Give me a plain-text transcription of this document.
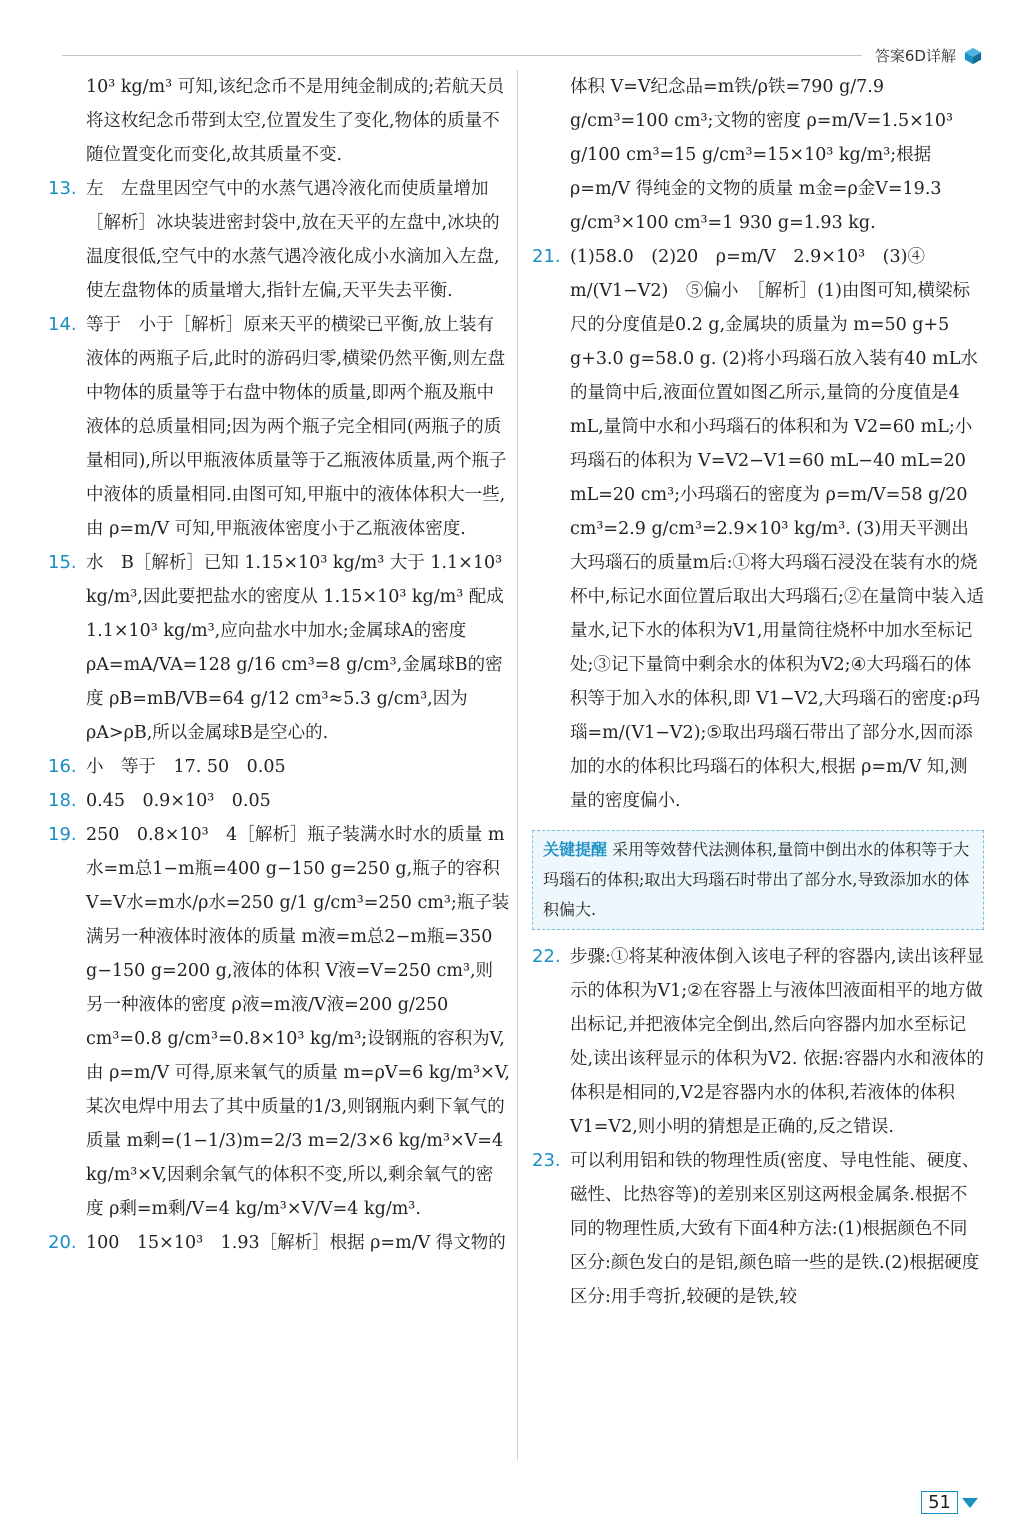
答案6D详解

10³ kg/m³ 可知,该纪念币不是用纯金制成的;若航天员将这枚纪念币带到太空,位置发生了变化,物体的质量不随位置变化而变化,故其质量不变.

13. 左　左盘里因空气中的水蒸气遇冷液化而使质量增加［解析］冰块装进密封袋中,放在天平的左盘中,冰块的温度很低,空气中的水蒸气遇冷液化成小水滴加入左盘,使左盘物体的质量增大,指针左偏,天平失去平衡.

14. 等于　小于［解析］原来天平的横梁已平衡,放上装有液体的两瓶子后,此时的游码归零,横梁仍然平衡,则左盘中物体的质量等于右盘中物体的质量,即两个瓶及瓶中液体的总质量相同;因为两个瓶子完全相同(两瓶子的质量相同),所以甲瓶液体质量等于乙瓶液体质量,两个瓶子中液体的质量相同.由图可知,甲瓶中的液体体积大一些,由 ρ=m/V 可知,甲瓶液体密度小于乙瓶液体密度.

15. 水　B［解析］已知 1.15×10³ kg/m³ 大于 1.1×10³ kg/m³,因此要把盐水的密度从 1.15×10³ kg/m³ 配成 1.1×10³ kg/m³,应向盐水中加水;金属球A的密度 ρA=mA/VA=128 g/16 cm³=8 g/cm³,金属球B的密度 ρB=mB/VB=64 g/12 cm³≈5.3 g/cm³,因为 ρA>ρB,所以金属球B是空心的.

16. 小　等于　17. 50　0.05

18. 0.45　0.9×10³　0.05

19. 250　0.8×10³　4［解析］瓶子装满水时水的质量 m水=m总1−m瓶=400 g−150 g=250 g,瓶子的容积 V=V水=m水/ρ水=250 g/1 g/cm³=250 cm³;瓶子装满另一种液体时液体的质量 m液=m总2−m瓶=350 g−150 g=200 g,液体的体积 V液=V=250 cm³,则另一种液体的密度 ρ液=m液/V液=200 g/250 cm³=0.8 g/cm³=0.8×10³ kg/m³;设钢瓶的容积为V,由 ρ=m/V 可得,原来氧气的质量 m=ρV=6 kg/m³×V,某次电焊中用去了其中质量的1/3,则钢瓶内剩下氧气的质量 m剩=(1−1/3)m=2/3 m=2/3×6 kg/m³×V=4 kg/m³×V,因剩余氧气的体积不变,所以,剩余氧气的密度 ρ剩=m剩/V=4 kg/m³×V/V=4 kg/m³.

20. 100　15×10³　1.93［解析］根据 ρ=m/V 得文物的

体积 V=V纪念品=m铁/ρ铁=790 g/7.9 g/cm³=100 cm³;文物的密度 ρ=m/V=1.5×10³ g/100 cm³=15 g/cm³=15×10³ kg/m³;根据 ρ=m/V 得纯金的文物的质量 m金=ρ金V=19.3 g/cm³×100 cm³=1 930 g=1.93 kg.

21. (1)58.0　(2)20　ρ=m/V　2.9×10³　(3)④ m/(V1−V2)　⑤偏小　［解析］(1)由图可知,横梁标尺的分度值是0.2 g,金属块的质量为 m=50 g+5 g+3.0 g=58.0 g. (2)将小玛瑙石放入装有40 mL水的量筒中后,液面位置如图乙所示,量筒的分度值是4 mL,量筒中水和小玛瑙石的体积和为 V2=60 mL;小玛瑙石的体积为 V=V2−V1=60 mL−40 mL=20 mL=20 cm³;小玛瑙石的密度为 ρ=m/V=58 g/20 cm³=2.9 g/cm³=2.9×10³ kg/m³. (3)用天平测出大玛瑙石的质量m后:①将大玛瑙石浸没在装有水的烧杯中,标记水面位置后取出大玛瑙石;②在量筒中装入适量水,记下水的体积为V1,用量筒往烧杯中加水至标记处;③记下量筒中剩余水的体积为V2;④大玛瑙石的体积等于加入水的体积,即 V1−V2,大玛瑙石的密度:ρ玛瑙=m/(V1−V2);⑤取出玛瑙石带出了部分水,因而添加的水的体积比玛瑙石的体积大,根据 ρ=m/V 知,测量的密度偏小.

关键提醒 采用等效替代法测体积,量筒中倒出水的体积等于大玛瑙石的体积;取出大玛瑙石时带出了部分水,导致添加水的体积偏大.

22. 步骤:①将某种液体倒入该电子秤的容器内,读出该秤显示的体积为V1;②在容器上与液体凹液面相平的地方做出标记,并把液体完全倒出,然后向容器内加水至标记处,读出该秤显示的体积为V2. 依据:容器内水和液体的体积是相同的,V2是容器内水的体积,若液体的体积 V1=V2,则小明的猜想是正确的,反之错误.

23. 可以利用铝和铁的物理性质(密度、导电性能、硬度、磁性、比热容等)的差别来区别这两根金属条.根据不同的物理性质,大致有下面4种方法:(1)根据颜色不同区分:颜色发白的是铝,颜色暗一些的是铁.(2)根据硬度区分:用手弯折,较硬的是铁,较

51
